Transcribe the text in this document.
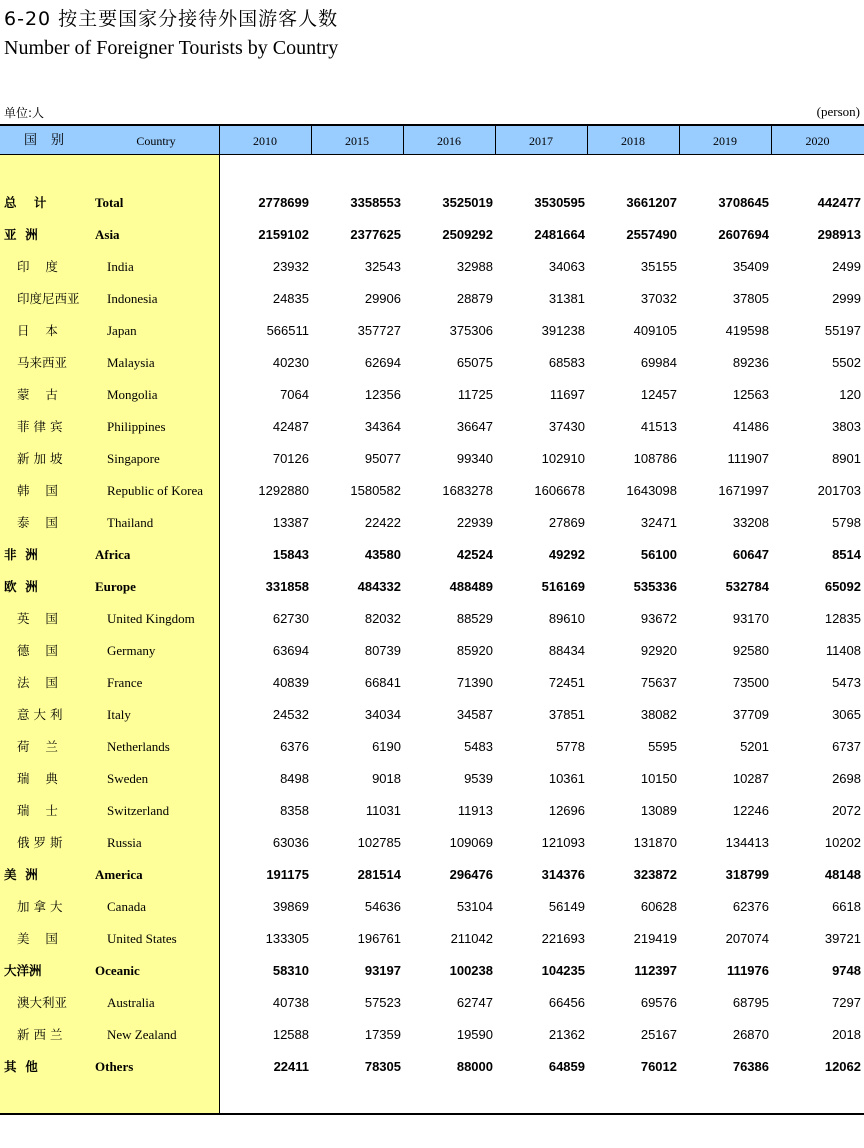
6-20 按主要国家分接待外国游客人数
Number of Foreigner Tourists by Country
单位:人	(person)
国别	Country	2010	2015	2016	2017	2018	2019	2020
总    计	Total	2778699	3358553	3525019	3530595	3661207	3708645	442477
亚  洲	Asia	2159102	2377625	2509292	2481664	2557490	2607694	298913
印    度	India	23932	32543	32988	34063	35155	35409	2499
印度尼西亚 Indonesia	24835	29906	28879	31381	37032	37805	2999
日    本	Japan	566511	357727	375306	391238	409105	419598	55197
马来西亚	Malaysia	40230	62694	65075	68583	69984	89236	5502
蒙    古	Mongolia	7064	12356	11725	11697	12457	12563	120
菲 律 宾	Philippines	42487	34364	36647	37430	41513	41486	3803
新 加 坡	Singapore	70126	95077	99340	102910	108786	111907	8901
韩    国	Republic of Korea	1292880	1580582	1683278	1606678	1643098	1671997	201703
泰    国	Thailand	13387	22422	22939	27869	32471	33208	5798
非  洲	Africa	15843	43580	42524	49292	56100	60647	8514
欧  洲	Europe	331858	484332	488489	516169	535336	532784	65092
英    国	United Kingdom	62730	82032	88529	89610	93672	93170	12835
德    国	Germany	63694	80739	85920	88434	92920	92580	11408
法    国	France	40839	66841	71390	72451	75637	73500	5473
意 大 利	Italy	24532	34034	34587	37851	38082	37709	3065
荷    兰	Netherlands	6376	6190	5483	5778	5595	5201	6737
瑞    典	Sweden	8498	9018	9539	10361	10150	10287	2698
瑞    士	Switzerland	8358	11031	11913	12696	13089	12246	2072
俄 罗 斯	Russia	63036	102785	109069	121093	131870	134413	10202
美  洲	America	191175	281514	296476	314376	323872	318799	48148
加 拿 大	Canada	39869	54636	53104	56149	60628	62376	6618
美    国	United States	133305	196761	211042	221693	219419	207074	39721
大洋洲	Oceanic	58310	93197	100238	104235	112397	111976	9748
澳大利亚	Australia	40738	57523	62747	66456	69576	68795	7297
新 西 兰	New Zealand	12588	17359	19590	21362	25167	26870	2018
其  他	Others	22411	78305	88000	64859	76012	76386	12062
